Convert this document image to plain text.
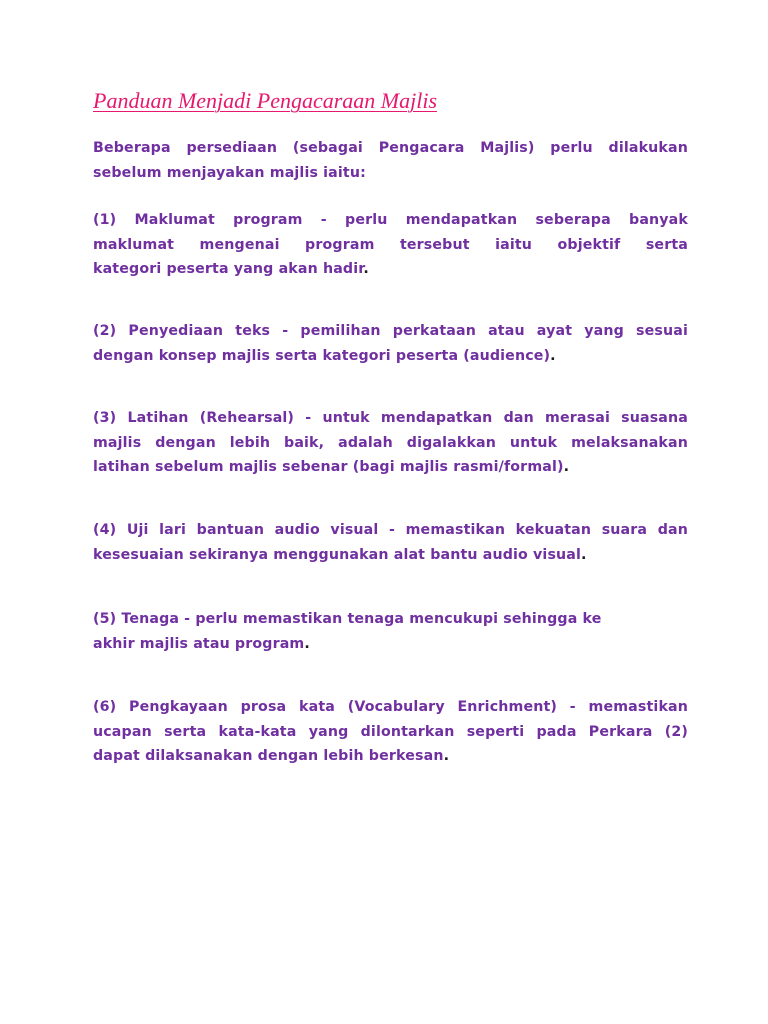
Panduan Menjadi Pengacaraan Majlis

Beberapa persediaan (sebagai Pengacara Majlis) perlu dilakukan
sebelum menjayakan majlis iaitu:

(1) Maklumat program - perlu mendapatkan seberapa banyak
maklumat mengenai program tersebut iaitu objektif serta
kategori peserta yang akan hadir.

(2) Penyediaan teks - pemilihan perkataan atau ayat yang sesuai
dengan konsep majlis serta kategori peserta (audience).

(3) Latihan (Rehearsal) - untuk mendapatkan dan merasai suasana
majlis dengan lebih baik, adalah digalakkan untuk melaksanakan
latihan sebelum majlis sebenar (bagi majlis rasmi/formal).

(4) Uji lari bantuan audio visual - memastikan kekuatan suara dan
kesesuaian sekiranya menggunakan alat bantu audio visual.

(5) Tenaga - perlu memastikan tenaga mencukupi sehingga ke
akhir majlis atau program.

(6) Pengkayaan prosa kata (Vocabulary Enrichment) - memastikan
ucapan serta kata-kata yang dilontarkan seperti pada Perkara (2)
dapat dilaksanakan dengan lebih berkesan.
